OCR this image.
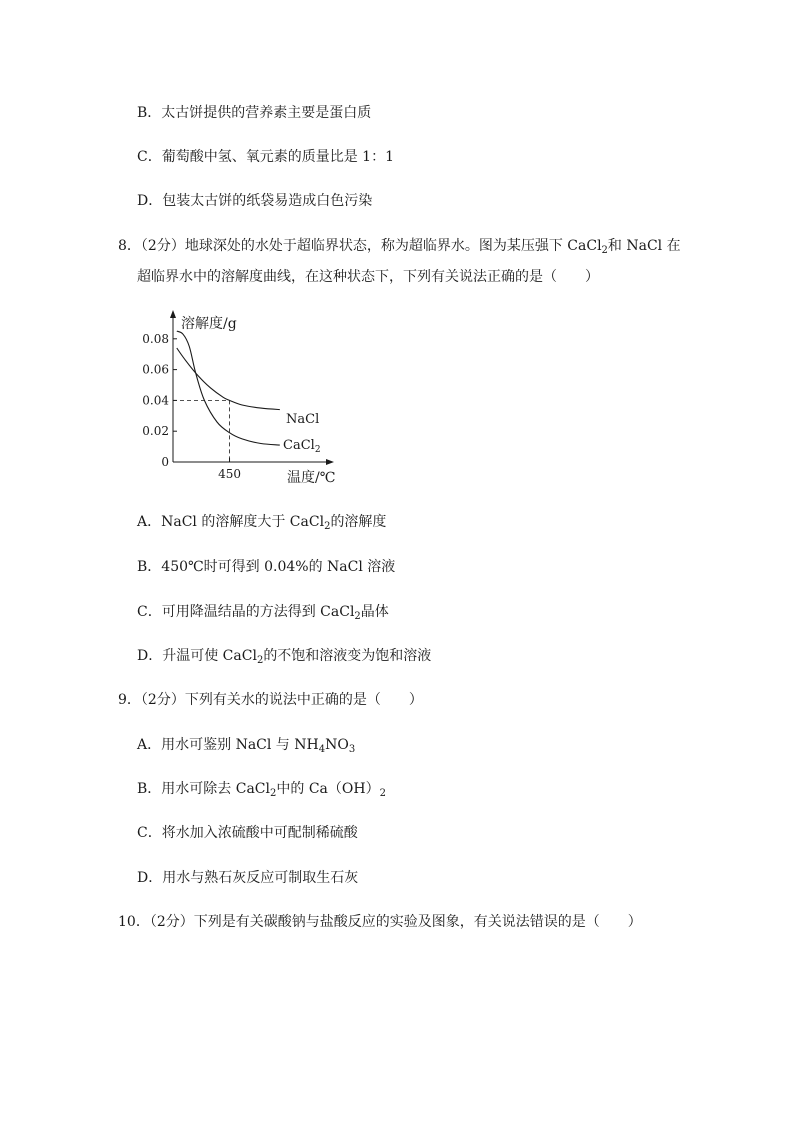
B．太古饼提供的营养素主要是蛋白质
C．葡萄酸中氢、氧元素的质量比是 1：1
D．包装太古饼的纸袋易造成白色污染
8．（2分）地球深处的水处于超临界状态，称为超临界水。图为某压强下 CaCl$_2$和 NaCl 在
超临界水中的溶解度曲线，在这种状态下，下列有关说法正确的是（　　）
0.08
0.06
0.04
0.02
0
450
溶解度/g
温度/℃
NaCl
CaCl$_2$
A．NaCl 的溶解度大于 CaCl$_2$的溶解度
B．450℃时可得到 0.04%的 NaCl 溶液
C．可用降温结晶的方法得到 CaCl$_2$晶体
D．升温可使 CaCl$_2$的不饱和溶液变为饱和溶液
9．（2分）下列有关水的说法中正确的是（　　）
A．用水可鉴别 NaCl 与 $NH_4NO_3$
B．用水可除去 CaCl$_2$中的 $Ca(OH)_2$
C．将水加入浓硫酸中可配制稀硫酸
D．用水与熟石灰反应可制取生石灰
10．（2分）下列是有关碳酸钠与盐酸反应的实验及图象，有关说法错误的是（　　）
